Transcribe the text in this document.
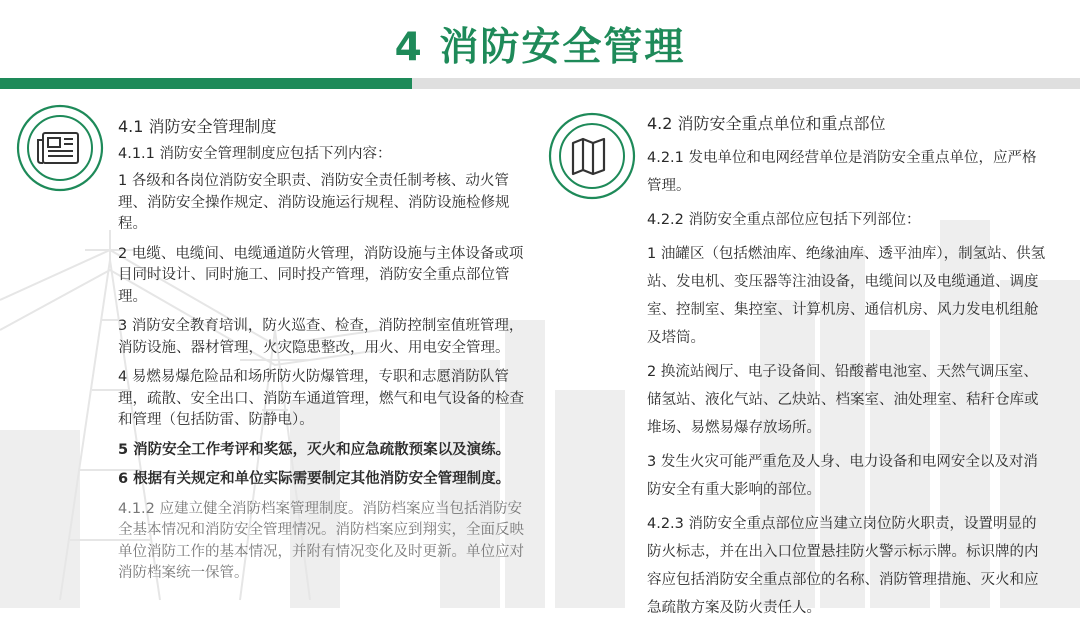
4 消防安全管理

4.1 消防安全管理制度

4.1.1 消防安全管理制度应包括下列内容：

1 各级和各岗位消防安全职责、消防安全责任制考核、动火管理、消防安全操作规定、消防设施运行规程、消防设施检修规程。

2 电缆、电缆间、电缆通道防火管理，消防设施与主体设备或项目同时设计、同时施工、同时投产管理，消防安全重点部位管理。

3 消防安全教育培训，防火巡查、检查，消防控制室值班管理，消防设施、器材管理，火灾隐患整改，用火、用电安全管理。

4 易燃易爆危险品和场所防火防爆管理，专职和志愿消防队管理，疏散、安全出口、消防车通道管理，燃气和电气设备的检查和管理（包括防雷、防静电）。

5 消防安全工作考评和奖惩，灭火和应急疏散预案以及演练。

6 根据有关规定和单位实际需要制定其他消防安全管理制度。

4.1.2 应建立健全消防档案管理制度。消防档案应当包括消防安全基本情况和消防安全管理情况。消防档案应到翔实，全面反映单位消防工作的基本情况，并附有情况变化及时更新。单位应对消防档案统一保管。

4.2 消防安全重点单位和重点部位

4.2.1 发电单位和电网经营单位是消防安全重点单位，应严格管理。

4.2.2 消防安全重点部位应包括下列部位：

1 油罐区（包括燃油库、绝缘油库、透平油库），制氢站、供氢站、发电机、变压器等注油设备，电缆间以及电缆通道、调度室、控制室、集控室、计算机房、通信机房、风力发电机组舱及塔筒。

2 换流站阀厅、电子设备间、铅酸蓄电池室、天然气调压室、储氢站、液化气站、乙炔站、档案室、油处理室、秸秆仓库或堆场、易燃易爆存放场所。

3 发生火灾可能严重危及人身、电力设备和电网安全以及对消防安全有重大影响的部位。

4.2.3 消防安全重点部位应当建立岗位防火职责，设置明显的防火标志，并在出入口位置悬挂防火警示标示牌。标识牌的内容应包括消防安全重点部位的名称、消防管理措施、灭火和应急疏散方案及防火责任人。
